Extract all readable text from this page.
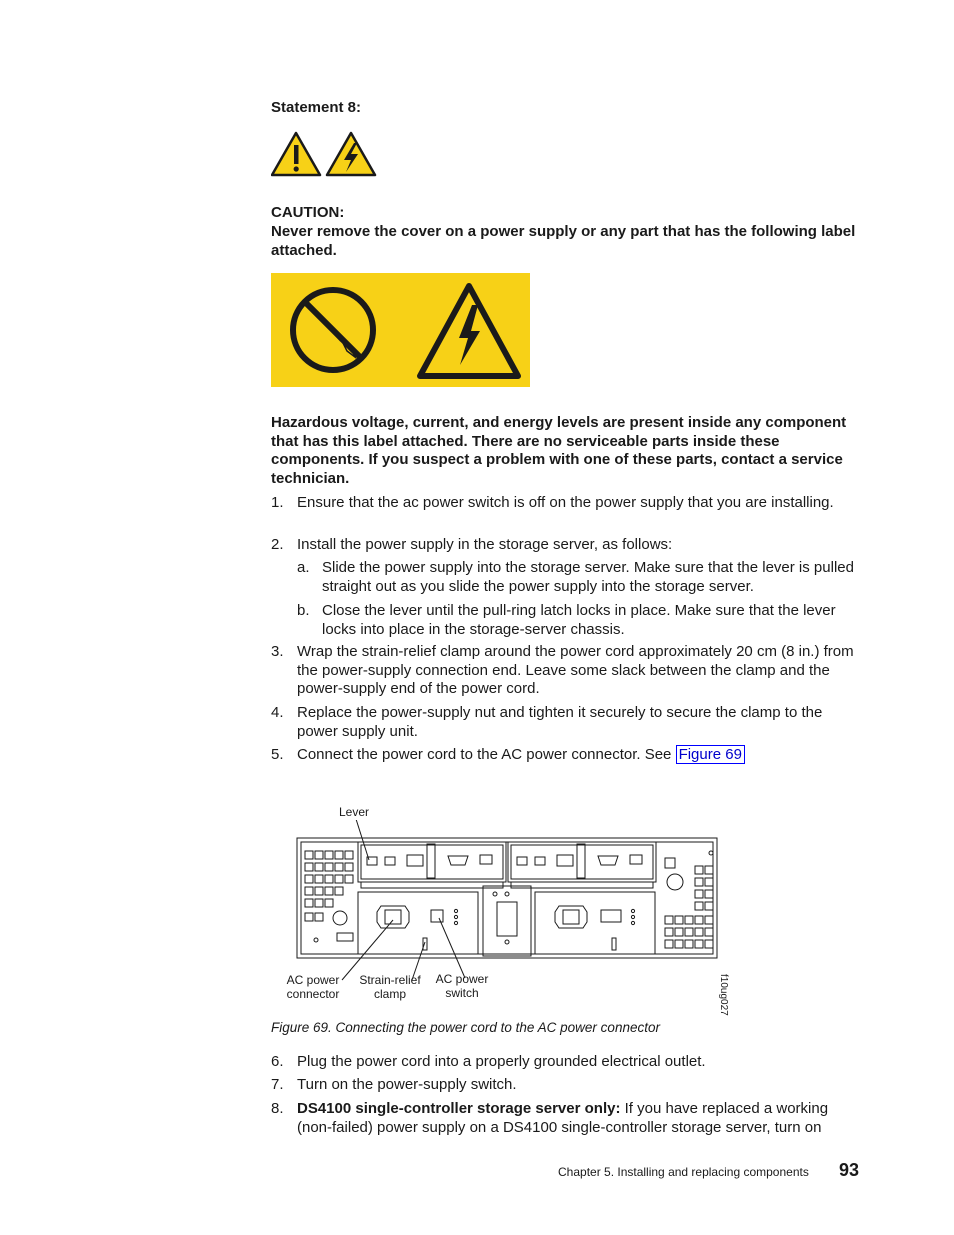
Statement 8:
CAUTION:
Never remove the cover on a power supply or any part that has the following label attached.
Hazardous voltage, current, and energy levels are present inside any component that has this label attached. There are no serviceable parts inside these components. If you suspect a problem with one of these parts, contact a service technician.
1. Ensure that the ac power switch is off on the power supply that you are installing.
2. Install the power supply in the storage server, as follows:
a. Slide the power supply into the storage server. Make sure that the lever is pulled straight out as you slide the power supply into the storage server.
b. Close the lever until the pull-ring latch locks in place. Make sure that the lever locks into place in the storage-server chassis.
3. Wrap the strain-relief clamp around the power cord approximately 20 cm (8 in.) from the power-supply connection end. Leave some slack between the clamp and the power-supply end of the power cord.
4. Replace the power-supply nut and tighten it securely to secure the clamp to the power supply unit.
5. Connect the power cord to the AC power connector. See Figure 69
Lever
AC power
connector
Strain-relief
clamp
AC power
switch	f10ug027
Figure 69. Connecting the power cord to the AC power connector
6. Plug the power cord into a properly grounded electrical outlet.
7. Turn on the power-supply switch.
8. DS4100 single-controller storage server only: If you have replaced a working (non-failed) power supply on a DS4100 single-controller storage server, turn on
Chapter 5. Installing and replacing components 93
